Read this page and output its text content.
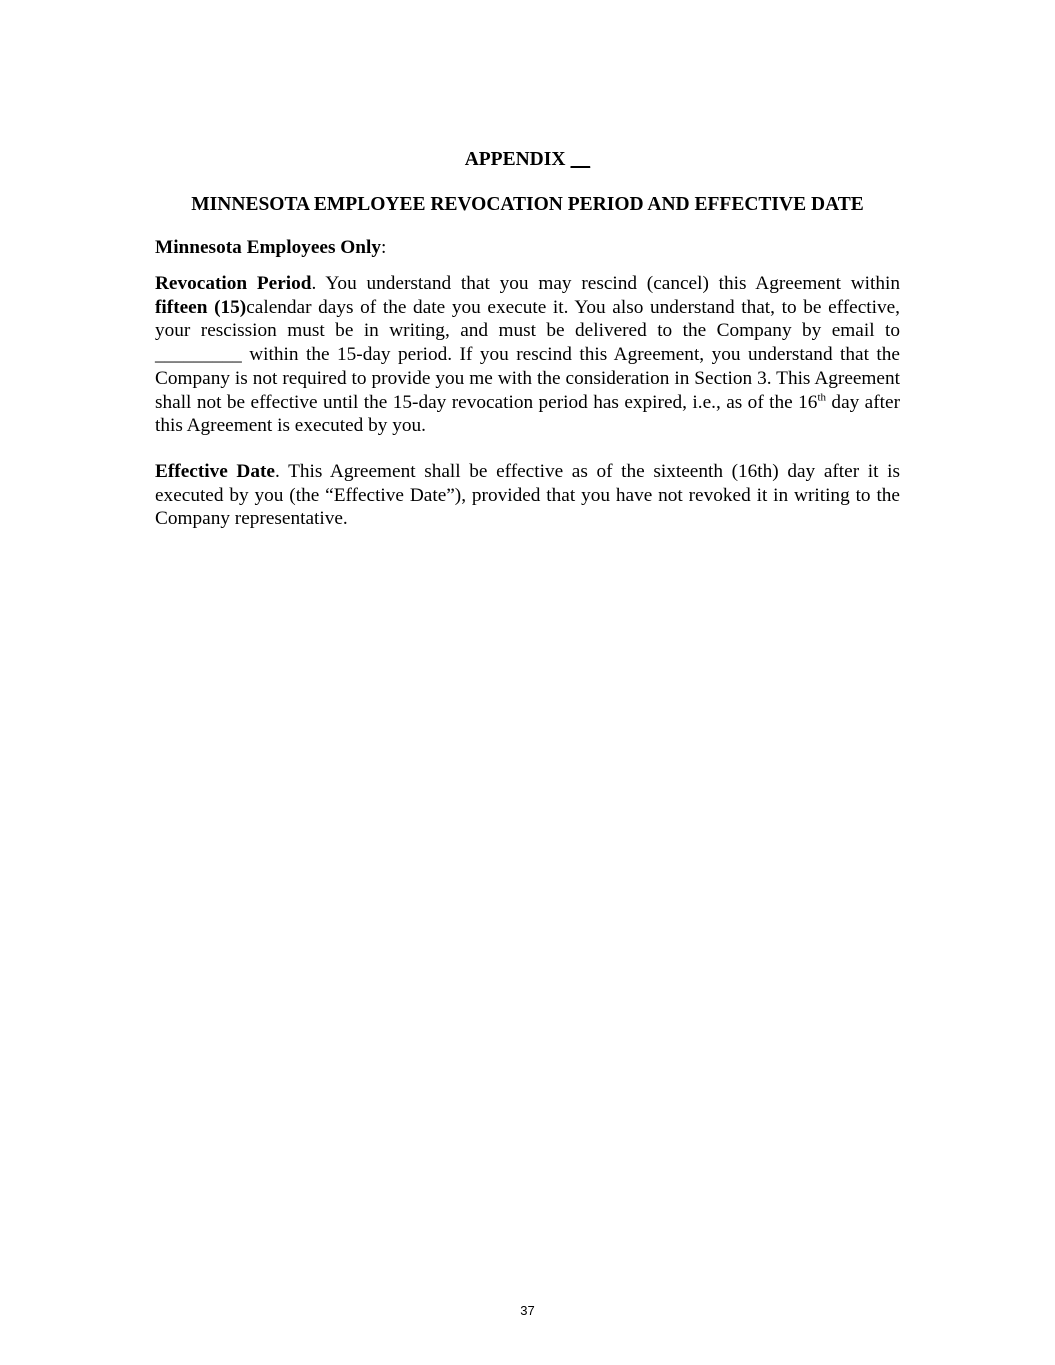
APPENDIX __
MINNESOTA EMPLOYEE REVOCATION PERIOD AND EFFECTIVE DATE

Minnesota Employees Only:

Revocation Period. You understand that you may rescind (cancel) this Agreement within fifteen (15)calendar days of the date you execute it. You also understand that, to be effective, your rescission must be in writing, and must be delivered to the Company by email to _________ within the 15-day period. If you rescind this Agreement, you understand that the Company is not required to provide you me with the consideration in Section 3. This Agreement shall not be effective until the 15-day revocation period has expired, i.e., as of the 16th day after this Agreement is executed by you.

Effective Date. This Agreement shall be effective as of the sixteenth (16th) day after it is executed by you (the “Effective Date”), provided that you have not revoked it in writing to the Company representative.

37
